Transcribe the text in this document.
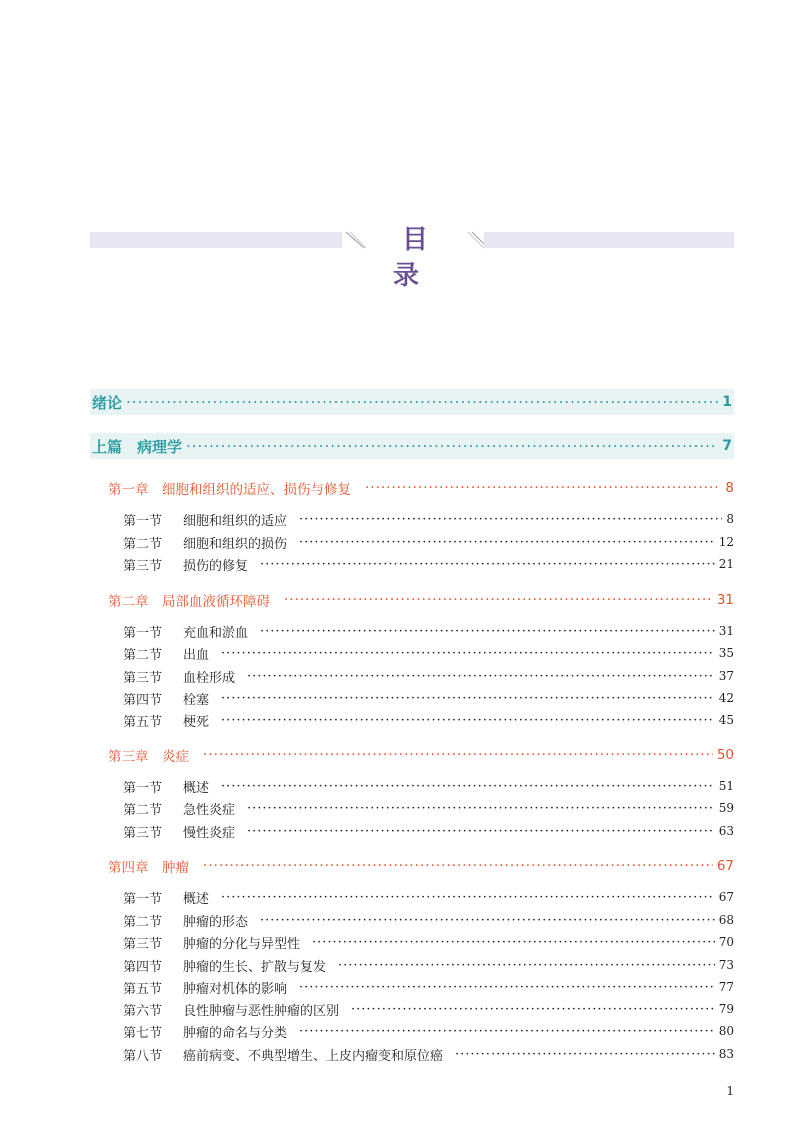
目 录
绪论 ·····	1
上篇　病理学 ·····	7
第一章　细胞和组织的适应、损伤与修复 ·····	8
第一节	细胞和组织的适应 ·····	8
第二节	细胞和组织的损伤 ·····	12
第三节	损伤的修复 ·····	21
第二章　局部血液循环障碍 ·····	31
第一节	充血和淤血 ·····	31
第二节	出血 ·····	35
第三节	血栓形成 ·····	37
第四节	栓塞 ·····	42
第五节	梗死 ·····	45
第三章　炎症 ·····	50
第一节	概述 ·····	51
第二节	急性炎症 ·····	59
第三节	慢性炎症 ·····	63
第四章　肿瘤 ·····	67
第一节	概述 ·····	67
第二节	肿瘤的形态 ·····	68
第三节	肿瘤的分化与异型性 ·····	70
第四节	肿瘤的生长、扩散与复发 ·····	73
第五节	肿瘤对机体的影响 ·····	77
第六节	良性肿瘤与恶性肿瘤的区别 ·····	79
第七节	肿瘤的命名与分类 ·····	80
第八节	癌前病变、不典型增生、上皮内瘤变和原位癌 ·····	83
1
